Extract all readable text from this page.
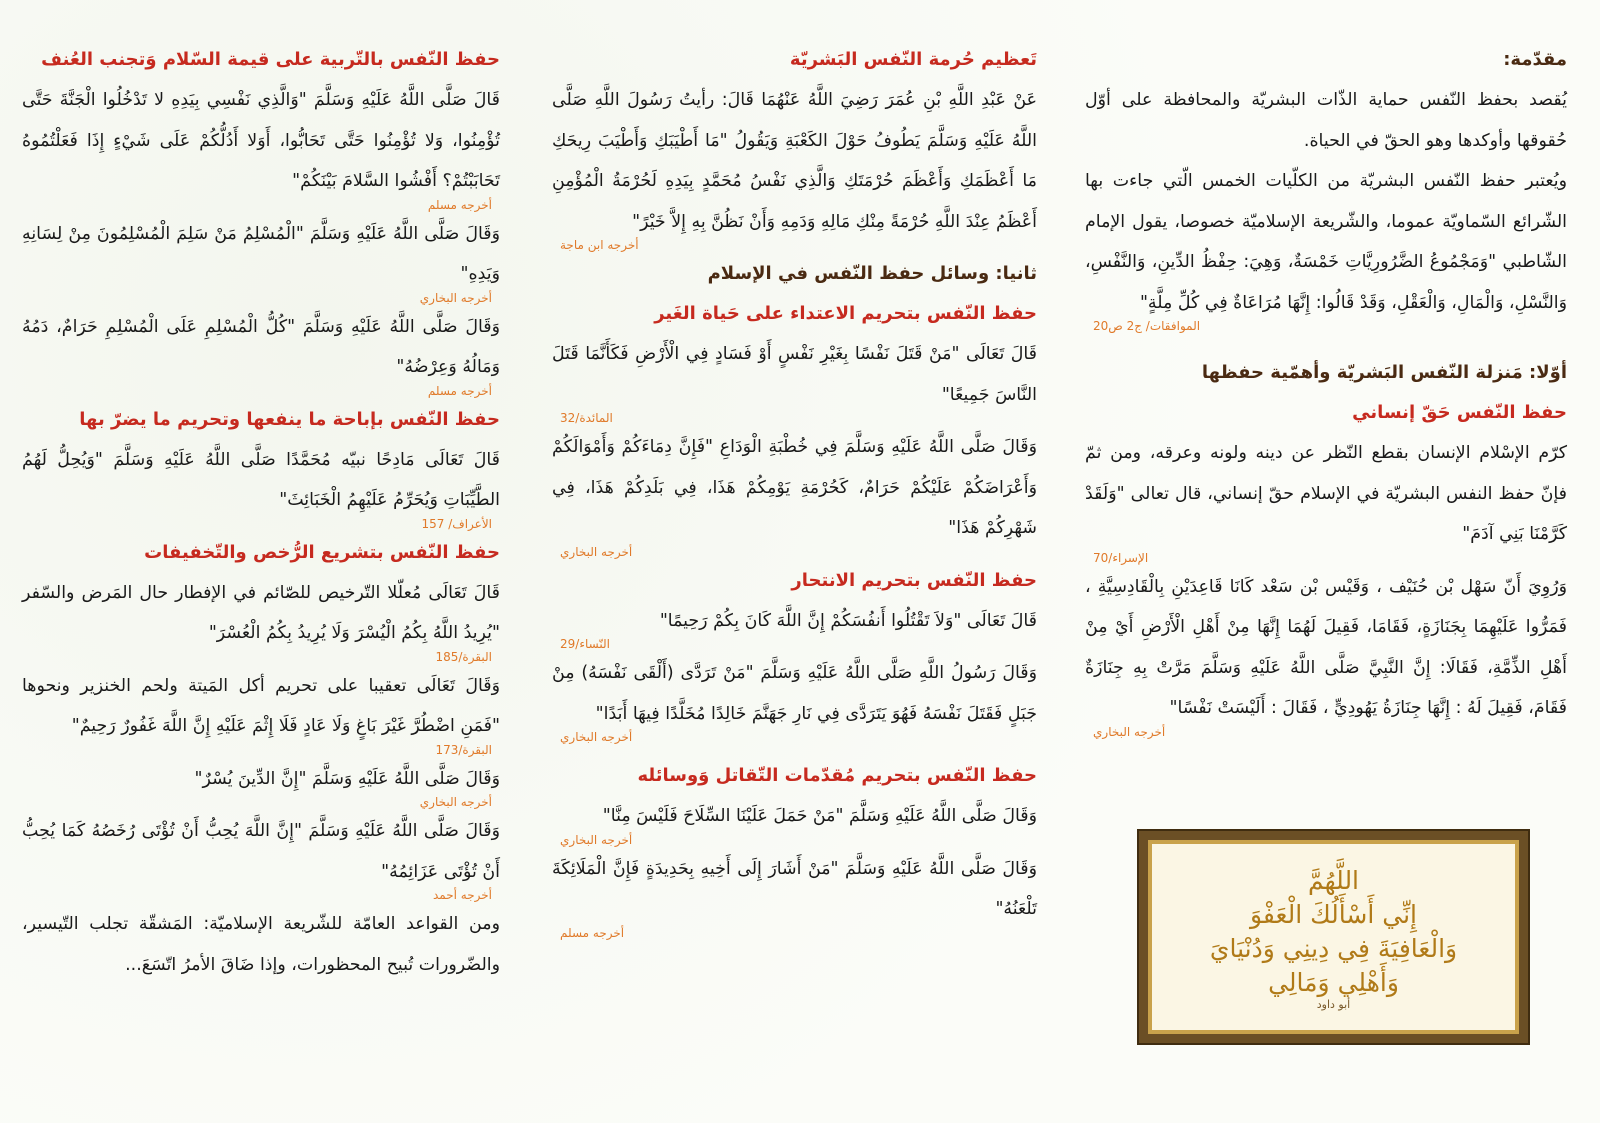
مقدّمة:

يُقصد بحفظ النّفس حماية الذّات البشريّة والمحافظة على أوّل حُقوقها وأوكدها وهو الحقّ في الحياة.

ويُعتبر حفظ النّفس البشريّة من الكلّيات الخمس الّتي جاءت بها الشّرائع السّماويّة عموما، والشّريعة الإسلاميّة خصوصا، يقول الإمام الشّاطبي "وَمَجْمُوعُ الضَّرُورِيَّاتِ خَمْسَةٌ، وَهِيَ: حِفْظُ الدِّينِ، وَالنَّفْسِ، وَالنَّسْلِ، وَالْمَالِ، وَالْعَقْلِ، وَقَدْ قَالُوا: إِنَّهَا مُرَاعَاةٌ فِي كُلِّ مِلَّةٍ"

الموافقات/ ج2 ص20

أوّلا: مَنزلة النّفس البَشريّة وأهمّية حفظها

حفظ النّفس حَقّ إنساني

كرّم الإسْلام الإنسان بقطع النّظر عن دينه ولونه وعرقه، ومن ثمّ فإنّ حفظ النفس البشريّة في الإسلام حقّ إنساني، قال تعالى "وَلَقَدْ كَرَّمْنَا بَنِي آدَمَ"

الإسراء/70

وَرُوِيَ أَنّ سَهْل بْن حُنَيْف ، وَقَيْس بْن سَعْد كَانَا قَاعِدَيْنِ بِالْقَادِسِيَّةِ ، فَمَرُّوا عَلَيْهِمَا بِجَنَازَةٍ، فَقَامَا، فَقِيلَ لَهُمَا إِنَّهَا مِنْ أَهْلِ الْأَرْضِ أَيْ مِنْ أَهْلِ الذِّمَّةِ، فَقَالَا: إِنَّ النَّبِيَّ صَلَّى اللَّهُ عَلَيْهِ وَسَلَّمَ مَرَّتْ بِهِ جِنَازَةٌ فَقَامَ، فَقِيلَ لَهُ : إِنَّهَا جِنَازَةُ يَهُودِيٍّ ، فَقَالَ : أَلَيْسَتْ نَفْسًا"

أخرجه البخاري
اللَّهُمَّ
إِنِّي أَسْأَلُكَ الْعَفْوَ
وَالْعَافِيَةَ فِي دِينِي وَدُنْيَايَ
وَأَهْلِي وَمَالِي
أبو داود

تَعظيم حُرمة النّفس البَشريّة

عَنْ عَبْدِ اللَّهِ بْنِ عُمَرَ رَضِيَ اللَّهُ عَنْهُمَا قَالَ: رأيتُ رَسُولَ اللَّهِ صَلَّى اللَّهُ عَلَيْهِ وَسَلَّمَ يَطُوفُ حَوْلَ الكَعْبَةِ وَيَقُولُ "مَا أَطْيَبَكِ وَأَطْيَبَ رِيحَكِ مَا أَعْظَمَكِ وَأَعْظَمَ حُرْمَتَكِ وَالَّذِي نَفْسُ مُحَمَّدٍ بِيَدِهِ لَحُرْمَةُ الْمُؤْمِنِ أَعْظَمُ عِنْدَ اللَّهِ حُرْمَةً مِنْكِ مَالِهِ وَدَمِهِ وَأَنْ نَظُنَّ بِهِ إِلاَّ خَيْرً"

أخرجه ابن ماجة

ثانيا: وسائل حفظ النّفس في الإسلام

حفظ النّفس بتحريم الاعتداء على حَياة الغَير

قَالَ تَعَالَى "مَنْ قَتَلَ نَفْسًا بِغَيْرِ نَفْسٍ أَوْ فَسَادٍ فِي الْأَرْضِ فَكَأَنَّمَا قَتَلَ النَّاسَ جَمِيعًا"

المائدة/32

وَقَالَ صَلَّى اللَّهُ عَلَيْهِ وَسَلَّمَ فِي خُطْبَةِ الْوَدَاعِ "فَإِنَّ دِمَاءَكُمْ وَأَمْوَالَكُمْ وَأَعْرَاضَكُمْ عَلَيْكُمْ حَرَامٌ، كَحُرْمَةِ يَوْمِكُمْ هَذَا، فِي بَلَدِكُمْ هَذَا، فِي شَهْرِكُمْ هَذَا"

أخرجه البخاري

حفظ النّفس بتحريم الانتحار

قَالَ تَعَالَى "وَلاَ تَقْتُلُوا أَنفُسَكُمْ إِنَّ اللَّهَ كَانَ بِكُمْ رَحِيمًا"

النّساء/29

وَقَالَ رَسُولُ اللَّهِ صَلَّى اللَّهُ عَلَيْهِ وَسَلَّمَ "مَنْ تَرَدَّى (أَلْقَى نَفْسَهُ) مِنْ جَبَلٍ فَقَتَلَ نَفْسَهُ فَهُوَ يَتَرَدَّى فِي نَارِ جَهَنَّمَ خَالِدًا مُخَلَّدًا فِيهَا أَبَدًا"

أخرجه البخاري

حفظ النّفس بتحريم مُقدّمات التّقاتل وَوسائله

وَقَالَ صَلَّى اللَّهُ عَلَيْهِ وَسَلَّمَ "مَنْ حَمَلَ عَلَيْنَا السِّلَاحَ فَلَيْسَ مِنَّا"

أخرجه البخاري

وَقَالَ صَلَّى اللَّهُ عَلَيْهِ وَسَلَّمَ "مَنْ أَشَارَ إِلَى أَخِيهِ بِحَدِيدَةٍ فَإِنَّ الْمَلَائِكَةَ تَلْعَنُهُ"

أخرجه مسلم

حفظ النّفس بالتّربية على قيمة السّلام وَتجنب العُنف

قَالَ صَلَّى اللَّهُ عَلَيْهِ وَسَلَّمَ "وَالَّذِي نَفْسِي بِيَدِهِ لا تَدْخُلُوا الْجَنَّةَ حَتَّى تُؤْمِنُوا، وَلا تُؤْمِنُوا حَتَّى تَحَابُّوا، أَوَلا أَدُلُّكُمْ عَلَى شَيْءٍ إِذَا فَعَلْتُمُوهُ تَحَابَبْتُمْ؟ أَفْشُوا السَّلامَ بَيْنَكُمْ"

أخرجه مسلم

وَقَالَ صَلَّى اللَّهُ عَلَيْهِ وَسَلَّمَ "الْمُسْلِمُ مَنْ سَلِمَ الْمُسْلِمُونَ مِنْ لِسَانِهِ وَيَدِهِ"

أخرجه البخاري

وَقَالَ صَلَّى اللَّهُ عَلَيْهِ وَسَلَّمَ "كُلُّ الْمُسْلِمِ عَلَى الْمُسْلِمِ حَرَامٌ، دَمُهُ وَمَالُهُ وَعِرْضُهُ"

أخرجه مسلم

حفظ النّفس بإباحة ما ينفعها وتحريم ما يضرّ بها

قَالَ تَعَالَى مَادِحًا نبيّه مُحَمَّدًا صَلَّى اللَّهُ عَلَيْهِ وَسَلَّمَ "وَيُحِلُّ لَهُمُ الطَّيِّبَاتِ وَيُحَرِّمُ عَلَيْهِمُ الْخَبَائِثَ"

الأعراف/ 157

حفظ النّفس بتشريع الرُّخص والتّخفيفات

قَالَ تَعَالَى مُعلّلا التّرخيص للصّائم في الإفطار حال المَرض والسّفر "يُرِيدُ اللَّهُ بِكُمُ الْيُسْرَ وَلَا يُرِيدُ بِكُمُ الْعُسْرَ"

البقرة/185

وَقَالَ تَعَالَى تعقيبا على تحريم أكل المَيتة ولحم الخنزير ونحوها "فَمَنِ اضْطُرَّ غَيْرَ بَاغٍ وَلَا عَادٍ فَلَا إِثْمَ عَلَيْهِ إِنَّ اللَّهَ غَفُورٌ رَحِيمٌ"

البقرة/173

وَقَالَ صَلَّى اللَّهُ عَلَيْهِ وَسَلَّمَ "إِنَّ الدِّينَ يُسْرٌ"

أخرجه البخاري

وَقَالَ صَلَّى اللَّهُ عَلَيْهِ وَسَلَّمَ "إِنَّ اللَّهَ يُحِبُّ أَنْ تُؤْتَى رُخَصُهُ كَمَا يُحِبُّ أَنْ تُؤْتَى عَزَائِمُهُ"

أخرجه أحمد

ومن القواعد العامّة للشّريعة الإسلاميّة: المَشقّة تجلب التّيسير، والضّرورات تُبيح المحظورات، وإذا ضَاقَ الأمرُ اتّسَعَ...
